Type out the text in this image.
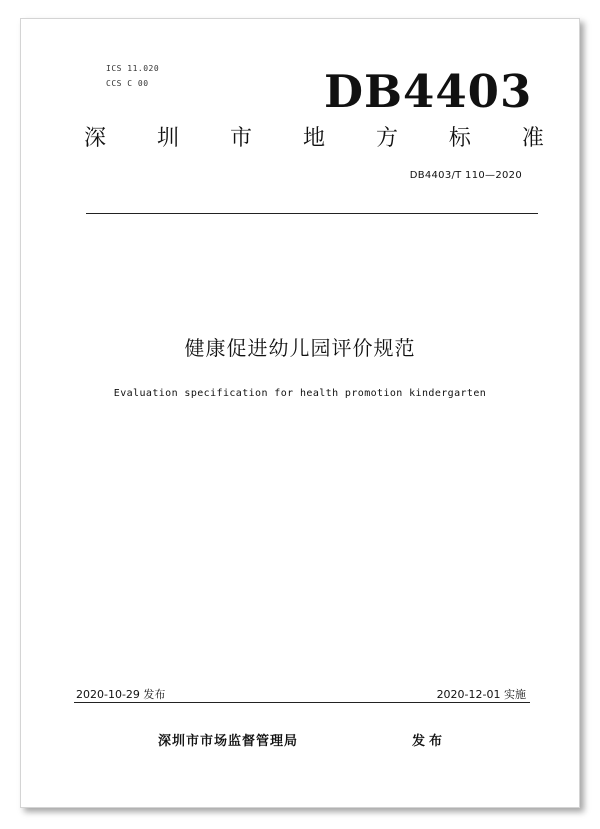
ICS 11.020
CCS C 00	DB4403
深 圳 市 地 方 标 准
DB4403/T 110—2020
健康促进幼儿园评价规范
Evaluation specification for health promotion kindergarten
2020-10-29 发布	2020-12-01 实施
深圳市市场监督管理局	发布
